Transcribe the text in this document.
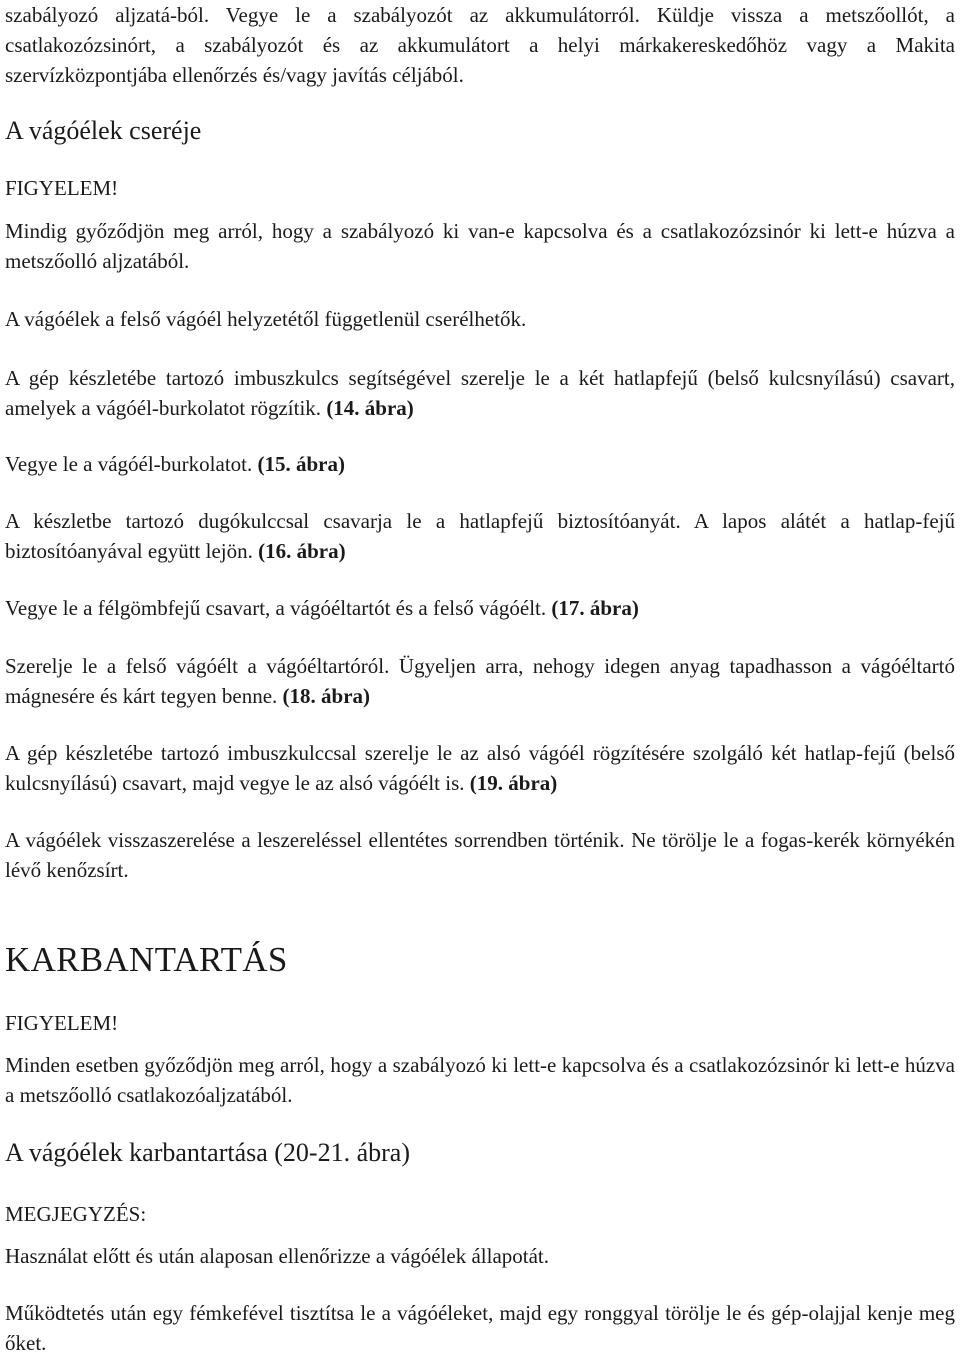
szabályozó aljzatá-ból. Vegye le a szabályozót az akkumulátorról. Küldje vissza a metszőollót, a csatlakozózsinórt, a szabályozót és az akkumulátort a helyi márkakereskedőhöz vagy a Makita szervízközpontjába ellenőrzés és/vagy javítás céljából.

A vágóélek cseréje

FIGYELEM!

Mindig győződjön meg arról, hogy a szabályozó ki van-e kapcsolva és a csatlakozózsinór ki lett-e húzva a metszőolló aljzatából.

A vágóélek a felső vágóél helyzetétől függetlenül cserélhetők.

A gép készletébe tartozó imbuszkulcs segítségével szerelje le a két hatlapfejű (belső kulcsnyílású) csavart, amelyek a vágóél-burkolatot rögzítik. (14. ábra)

Vegye le a vágóél-burkolatot. (15. ábra)

A készletbe tartozó dugókulccsal csavarja le a hatlapfejű biztosítóanyát. A lapos alátét a hatlap-fejű biztosítóanyával együtt lejön. (16. ábra)

Vegye le a félgömbfejű csavart, a vágóéltartót és a felső vágóélt. (17. ábra)

Szerelje le a felső vágóélt a vágóéltartóról. Ügyeljen arra, nehogy idegen anyag tapadhasson a vágóéltartó mágnesére és kárt tegyen benne. (18. ábra)

A gép készletébe tartozó imbuszkulccsal szerelje le az alsó vágóél rögzítésére szolgáló két hatlap-fejű (belső kulcsnyílású) csavart, majd vegye le az alsó vágóélt is. (19. ábra)

A vágóélek visszaszerelése a leszereléssel ellentétes sorrendben történik. Ne törölje le a fogas-kerék környékén lévő kenőzsírt.

KARBANTARTÁS

FIGYELEM!

Minden esetben győződjön meg arról, hogy a szabályozó ki lett-e kapcsolva és a csatlakozózsinór ki lett-e húzva a metszőolló csatlakozóaljzatából.

A vágóélek karbantartása (20-21. ábra)

MEGJEGYZÉS:

Használat előtt és után alaposan ellenőrizze a vágóélek állapotát.

Működtetés után egy fémkefével tisztítsa le a vágóéleket, majd egy ronggyal törölje le és gép-olajjal kenje meg őket.
